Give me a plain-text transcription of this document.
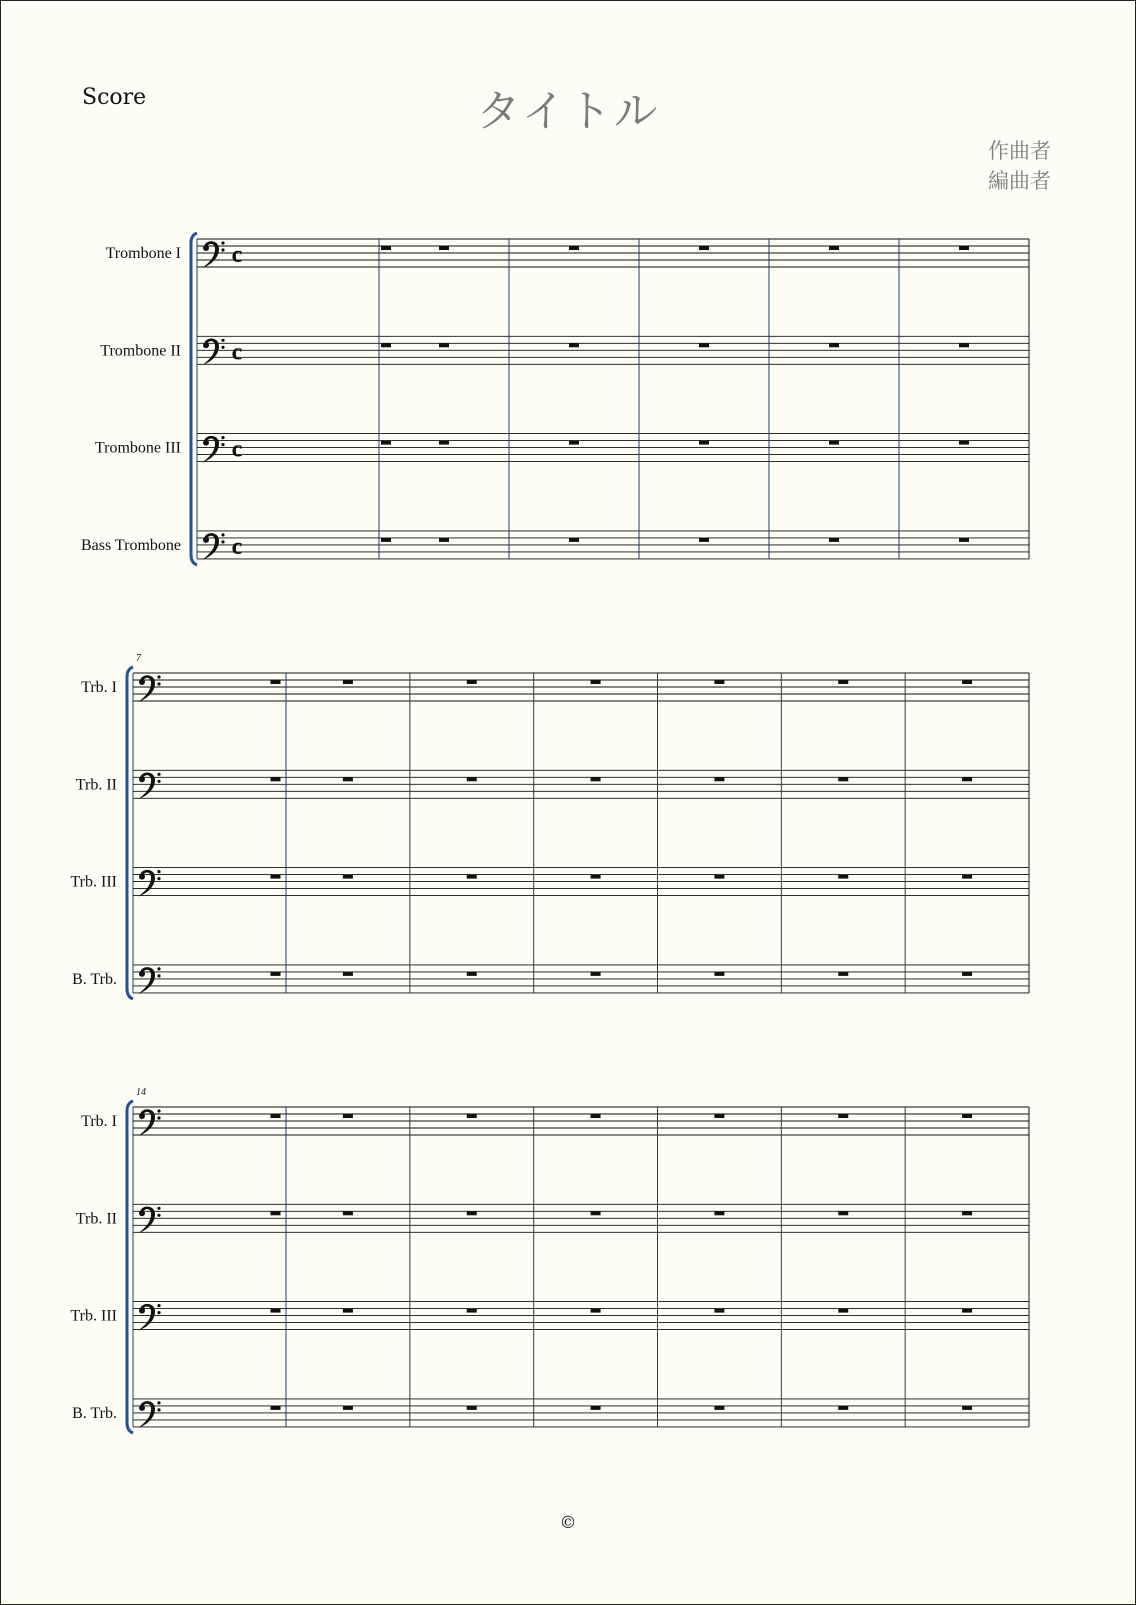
Score	タイトル
作曲者
編曲者
Trombone I c
Trombone II c
Trombone III c
Bass Trombone c
7
Trb. I
Trb. II
Trb. III
B. Trb.
14
Trb. I
Trb. II
Trb. III
B. Trb.
©
